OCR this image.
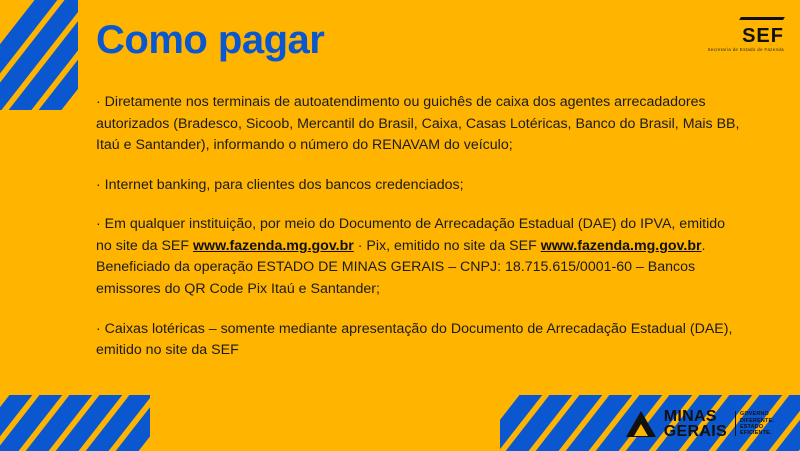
SEF
Secretaria de Estado de Fazenda
Como pagar

· Diretamente nos terminais de autoatendimento ou guichês de caixa dos agentes arrecadadores autorizados (Bradesco, Sicoob, Mercantil do Brasil, Caixa, Casas Lotéricas, Banco do Brasil, Mais BB, Itaú e Santander), informando o número do RENAVAM do veículo;

· Internet banking, para clientes dos bancos credenciados;

· Em qualquer instituição, por meio do Documento de Arrecadação Estadual (DAE) do IPVA, emitido no site da SEF www.fazenda.mg.gov.br · Pix, emitido no site da SEF www.fazenda.mg.gov.br. Beneficiado da operação ESTADO DE MINAS GERAIS – CNPJ: 18.715.615/0001-60 – Bancos emissores do QR Code Pix Itaú e Santander;

· Caixas lotéricas – somente mediante apresentação do Documento de Arrecadação Estadual (DAE), emitido no site da SEF

MINAS
GERAIS
GOVERNO
DIFERENTE.
ESTADO
EFICIENTE.
